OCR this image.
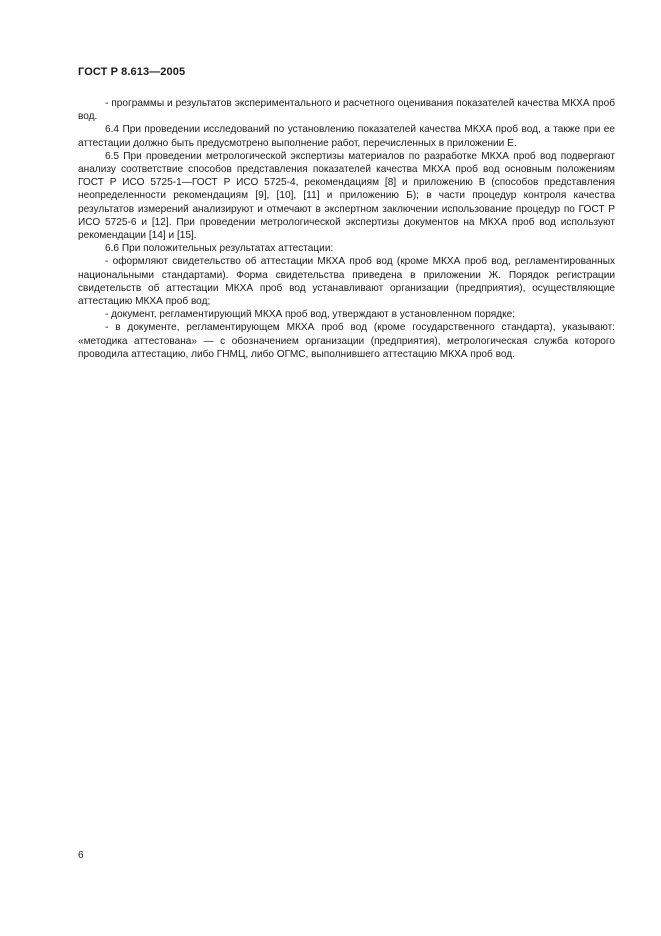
ГОСТ Р 8.613—2005

- программы и результатов экспериментального и расчетного оценивания показателей качества МКХА проб вод.

6.4 При проведении исследований по установлению показателей качества МКХА проб вод, а также при ее аттестации должно быть предусмотрено выполнение работ, перечисленных в приложении Е.

6.5 При проведении метрологической экспертизы материалов по разработке МКХА проб вод подвергают анализу соответствие способов представления показателей качества МКХА проб вод основным положениям ГОСТ Р ИСО 5725-1—ГОСТ Р ИСО 5725-4, рекомендациям [8] и приложению В (способов представления неопределенности рекомендациям [9], [10], [11] и приложению Б); в части процедур контроля качества результатов измерений анализируют и отмечают в экспертном заключении использование процедур по ГОСТ Р ИСО 5725-6 и [12]. При проведении метрологической экспертизы документов на МКХА проб вод используют рекомендации [14] и [15].

6.6 При положительных результатах аттестации:

- оформляют свидетельство об аттестации МКХА проб вод (кроме МКХА проб вод, регламентированных национальными стандартами). Форма свидетельства приведена в приложении Ж. Порядок регистрации свидетельств об аттестации МКХА проб вод устанавливают организации (предприятия), осуществляющие аттестацию МКХА проб вод;

- документ, регламентирующий МКХА проб вод, утверждают в установленном порядке;

- в документе, регламентирующем МКХА проб вод (кроме государственного стандарта), указывают: «методика аттестована» — с обозначением организации (предприятия), метрологическая служба которого проводила аттестацию, либо ГНМЦ, либо ОГМС, выполнившего аттестацию МКХА проб вод.

6
